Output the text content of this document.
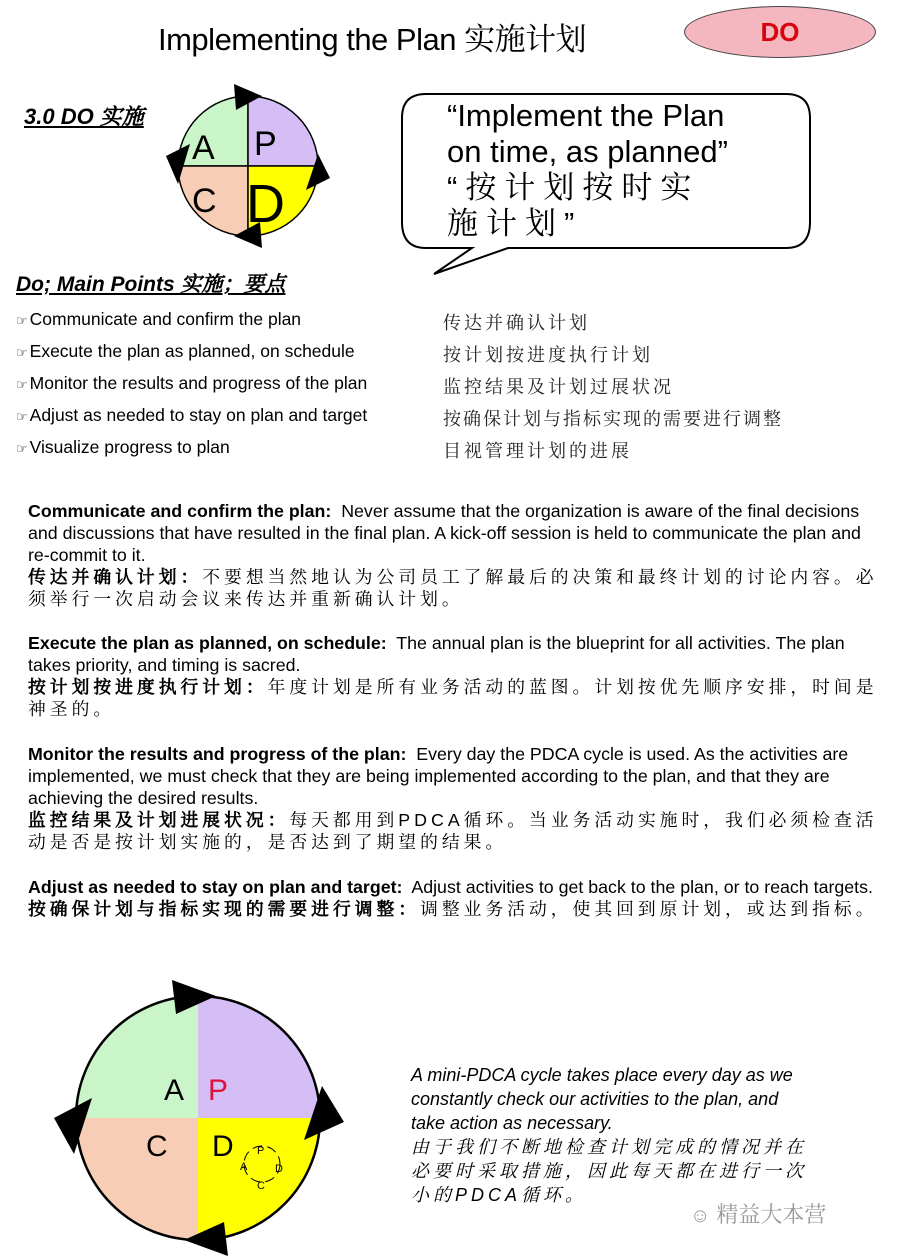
Implementing the Plan 实施计划	DO
3.0 DO 实施
A P
C D
“Implement the Plan
on time, as planned”
“按计划按时实
施计划”
Do; Main Points 实施；要点
☞ Communicate and confirm the plan	传达并确认计划
☞ Execute the plan as planned, on schedule	按计划按进度执行计划
☞ Monitor the results and progress of the plan	监控结果及计划过展状况
☞ Adjust as needed to stay on plan and target	按确保计划与指标实现的需要进行调整
☞ Visualize progress to plan	目视管理计划的进展
Communicate and confirm the plan: Never assume that the organization is aware of the final decisions and discussions that have resulted in the final plan. A kick-off session is held to communicate the plan and re-commit to it.
传达并确认计划：不要想当然地认为公司员工了解最后的决策和最终计划的讨论内容。必须举行一次启动会议来传达并重新确认计划。
Execute the plan as planned, on schedule: The annual plan is the blueprint for all activities. The plan takes priority, and timing is sacred.
按计划按进度执行计划：年度计划是所有业务活动的蓝图。计划按优先顺序安排，时间是神圣的。
Monitor the results and progress of the plan: Every day the PDCA cycle is used. As the activities are implemented, we must check that they are being implemented according to the plan, and that they are achieving the desired results.
监控结果及计划进展状况：每天都用到PDCA循环。当业务活动实施时，我们必须检查活动是否是按计划实施的，是否达到了期望的结果。
Adjust as needed to stay on plan and target: Adjust activities to get back to the plan, or to reach targets.
按确保计划与指标实现的需要进行调整：调整业务活动，使其回到原计划，或达到指标。
A P
C D P
A	D
C
A mini-PDCA cycle takes place every day as we constantly check our activities to the plan, and take action as necessary.
由于我们不断地检查计划完成的情况并在必要时采取措施，因此每天都在进行一次小的PDCA循环。
☺ 精益大本营
